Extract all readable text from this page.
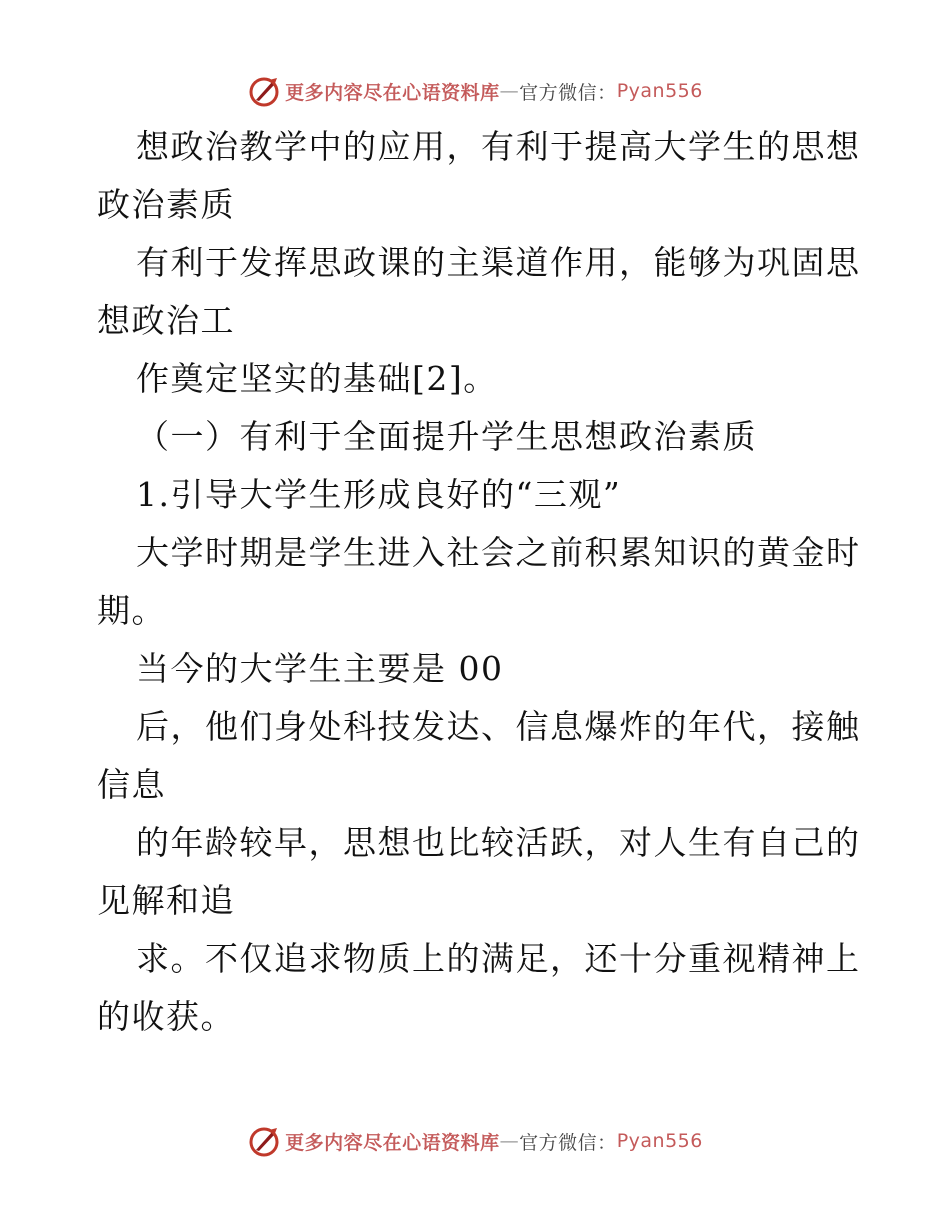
更多内容尽在心语资料库 — 官方微信： Pyan556
想政治教学中的应用，有利于提高大学生的思想
政治素质
有利于发挥思政课的主渠道作用，能够为巩固思
想政治工
作奠定坚实的基础[2]。
（一）有利于全面提升学生思想政治素质
1.引导大学生形成良好的“三观”
大学时期是学生进入社会之前积累知识的黄金时
期。
当今的大学生主要是 00
后，他们身处科技发达、信息爆炸的年代，接触
信息
的年龄较早，思想也比较活跃，对人生有自己的
见解和追
求。不仅追求物质上的满足，还十分重视精神上
的收获。
更多内容尽在心语资料库 — 官方微信： Pyan556
